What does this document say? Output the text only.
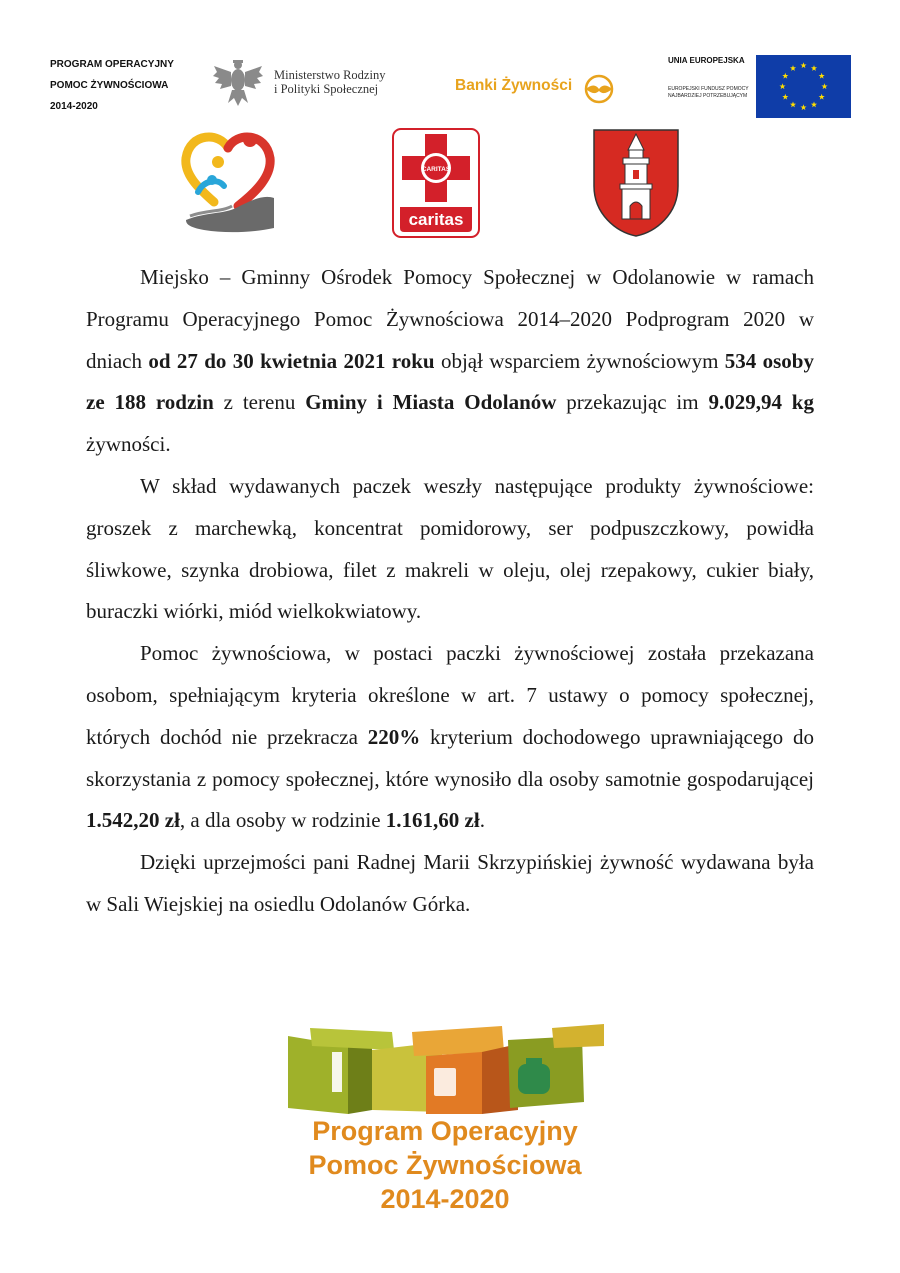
PROGRAM OPERACYJNY
POMOC ŻYWNOŚCIOWA
2014-2020
Ministerstwo Rodziny
i Polityki Społecznej	Banki Żywności
UNIA EUROPEJSKA
EUROPEJSKI FUNDUSZ POMOCY
NAJBARDZIEJ POTRZEBUJĄCYM
CARITAS
caritas

Miejsko – Gminny Ośrodek Pomocy Społecznej w Odolanowie w ramach Programu Operacyjnego Pomoc Żywnościowa 2014–2020 Podprogram 2020 w dniach od 27 do 30 kwietnia 2021 roku objął wsparciem żywnościowym 534 osoby ze 188 rodzin z terenu Gminy i Miasta Odolanów przekazując im 9.029,94 kg żywności.

W skład wydawanych paczek weszły następujące produkty żywnościowe: groszek z marchewką, koncentrat pomidorowy, ser podpuszczkowy, powidła śliwkowe, szynka drobiowa, filet z makreli w oleju, olej rzepakowy, cukier biały, buraczki wiórki, miód wielkokwiatowy.

Pomoc żywnościowa, w postaci paczki żywnościowej została przekazana osobom, spełniającym kryteria określone w art. 7 ustawy o pomocy społecznej, których dochód nie przekracza 220% kryterium dochodowego uprawniającego do skorzystania z pomocy społecznej, które wynosiło dla osoby samotnie gospodarującej 1.542,20 zł, a dla osoby w rodzinie 1.161,60 zł.

Dzięki uprzejmości pani Radnej Marii Skrzypińskiej żywność wydawana była w Sali Wiejskiej na osiedlu Odolanów Górka.

Program Operacyjny
Pomoc Żywnościowa
2014-2020
